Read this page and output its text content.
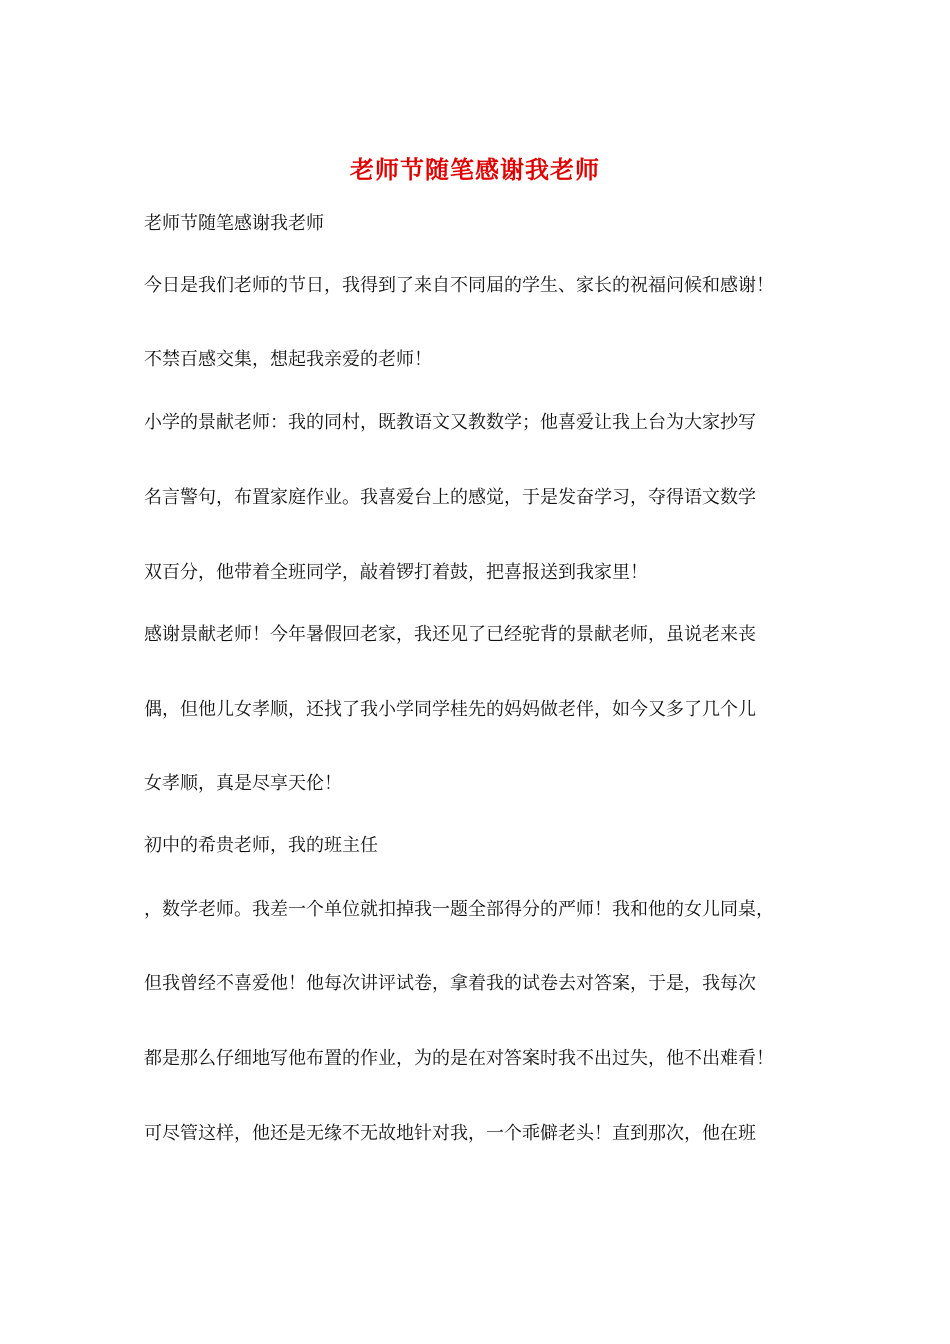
老师节随笔感谢我老师
老师节随笔感谢我老师
今日是我们老师的节日，我得到了来自不同届的学生、家长的祝福问候和感谢！
不禁百感交集，想起我亲爱的老师！
小学的景献老师：我的同村，既教语文又教数学；他喜爱让我上台为大家抄写
名言警句，布置家庭作业。我喜爱台上的感觉，于是发奋学习，夺得语文数学
双百分，他带着全班同学，敲着锣打着鼓，把喜报送到我家里！
感谢景献老师！今年暑假回老家，我还见了已经驼背的景献老师，虽说老来丧
偶，但他儿女孝顺，还找了我小学同学桂先的妈妈做老伴，如今又多了几个儿
女孝顺，真是尽享天伦！
初中的希贵老师，我的班主任
，数学老师。我差一个单位就扣掉我一题全部得分的严师！我和他的女儿同桌，
但我曾经不喜爱他！他每次讲评试卷，拿着我的试卷去对答案，于是，我每次
都是那么仔细地写他布置的作业，为的是在对答案时我不出过失，他不出难看！
可尽管这样，他还是无缘不无故地针对我，一个乖僻老头！直到那次，他在班
